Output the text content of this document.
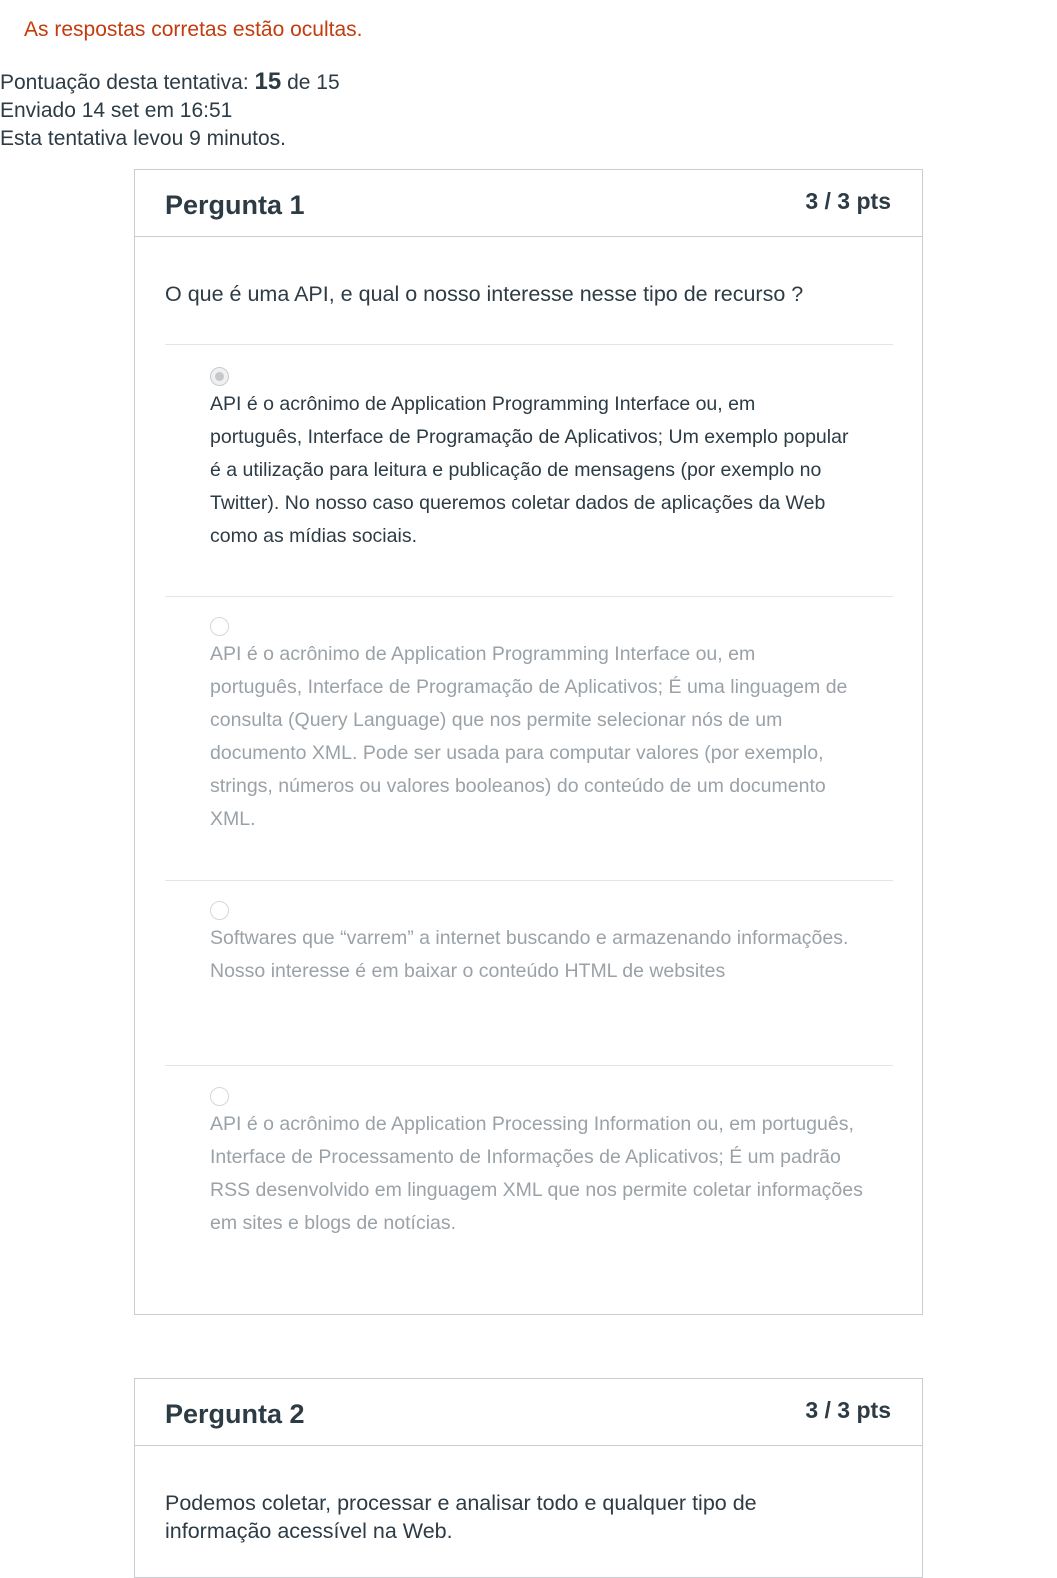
As respostas corretas estão ocultas.
Pontuação desta tentativa: 15 de 15
Enviado 14 set em 16:51
Esta tentativa levou 9 minutos.
Pergunta 1	3 / 3 pts
O que é uma API, e qual o nosso interesse nesse tipo de recurso ?
API é o acrônimo de Application Programming Interface ou, em português, Interface de Programação de Aplicativos; Um exemplo popular é a utilização para leitura e publicação de mensagens (por exemplo no Twitter). No nosso caso queremos coletar dados de aplicações da Web como as mídias sociais.
API é o acrônimo de Application Programming Interface ou, em português, Interface de Programação de Aplicativos; É uma linguagem de consulta (Query Language) que nos permite selecionar nós de um documento XML. Pode ser usada para computar valores (por exemplo, strings, números ou valores booleanos) do conteúdo de um documento XML.
Softwares que “varrem” a internet buscando e armazenando informações. Nosso interesse é em baixar o conteúdo HTML de websites
API é o acrônimo de Application Processing Information ou, em português, Interface de Processamento de Informações de Aplicativos; É um padrão RSS desenvolvido em linguagem XML que nos permite coletar informações em sites e blogs de notícias.
Pergunta 2	3 / 3 pts
Podemos coletar, processar e analisar todo e qualquer tipo de informação acessível na Web.
